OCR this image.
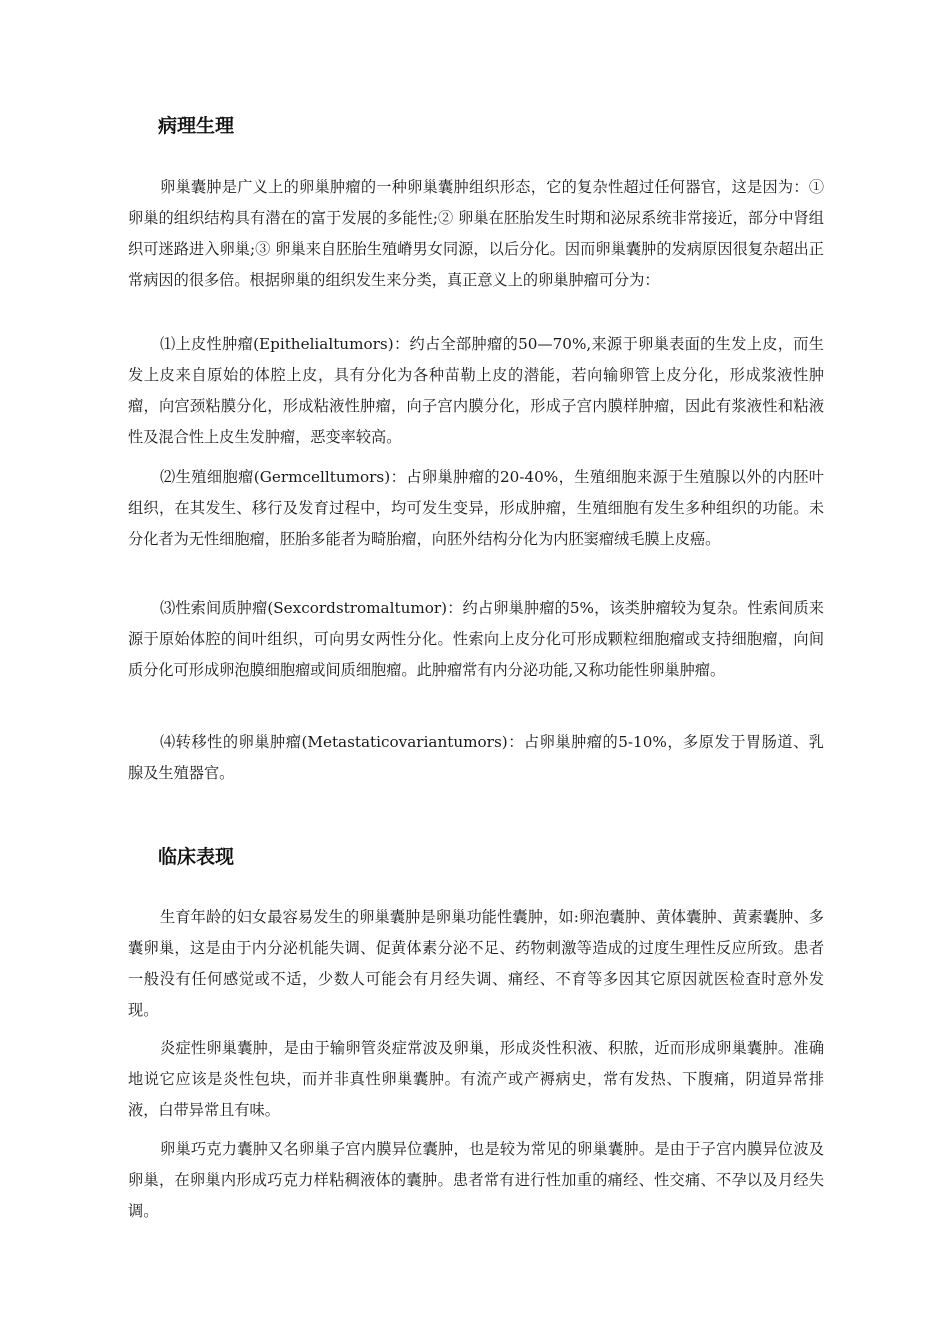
病理生理

卵巢囊肿是广义上的卵巢肿瘤的一种卵巢囊肿组织形态，它的复杂性超过任何器官，这是因为：①卵巢的组织结构具有潜在的富于发展的多能性;② 卵巢在胚胎发生时期和泌尿系统非常接近，部分中肾组织可迷路进入卵巢;③ 卵巢来自胚胎生殖嵴男女同源，以后分化。因而卵巢囊肿的发病原因很复杂超出正常病因的很多倍。根据卵巢的组织发生来分类，真正意义上的卵巢肿瘤可分为：

⑴上皮性肿瘤(Epithelialtumors)：约占全部肿瘤的50—70%,来源于卵巢表面的生发上皮，而生发上皮来自原始的体腔上皮，具有分化为各种苗勒上皮的潜能，若向输卵管上皮分化，形成浆液性肿瘤，向宫颈粘膜分化，形成粘液性肿瘤，向子宫内膜分化，形成子宫内膜样肿瘤，因此有浆液性和粘液性及混合性上皮生发肿瘤，恶变率较高。

⑵生殖细胞瘤(Germcelltumors)：占卵巢肿瘤的20-40%，生殖细胞来源于生殖腺以外的内胚叶组织，在其发生、移行及发育过程中，均可发生变异，形成肿瘤，生殖细胞有发生多种组织的功能。未分化者为无性细胞瘤，胚胎多能者为畸胎瘤，向胚外结构分化为内胚窦瘤绒毛膜上皮癌。

⑶性索间质肿瘤(Sexcordstromaltumor)：约占卵巢肿瘤的5%，该类肿瘤较为复杂。性索间质来源于原始体腔的间叶组织，可向男女两性分化。性索向上皮分化可形成颗粒细胞瘤或支持细胞瘤，向间质分化可形成卵泡膜细胞瘤或间质细胞瘤。此肿瘤常有内分泌功能,又称功能性卵巢肿瘤。

⑷转移性的卵巢肿瘤(Metastaticovariantumors)：占卵巢肿瘤的5-10%，多原发于胃肠道、乳腺及生殖器官。

临床表现

生育年龄的妇女最容易发生的卵巢囊肿是卵巢功能性囊肿，如:卵泡囊肿、黄体囊肿、黄素囊肿、多囊卵巢，这是由于内分泌机能失调、促黄体素分泌不足、药物刺激等造成的过度生理性反应所致。患者一般没有任何感觉或不适，少数人可能会有月经失调、痛经、不育等多因其它原因就医检查时意外发现。

炎症性卵巢囊肿，是由于输卵管炎症常波及卵巢，形成炎性积液、积脓，近而形成卵巢囊肿。准确地说它应该是炎性包块，而并非真性卵巢囊肿。有流产或产褥病史，常有发热、下腹痛，阴道异常排液，白带异常且有味。

卵巢巧克力囊肿又名卵巢子宫内膜异位囊肿，也是较为常见的卵巢囊肿。是由于子宫内膜异位波及卵巢，在卵巢内形成巧克力样粘稠液体的囊肿。患者常有进行性加重的痛经、性交痛、不孕以及月经失调。
